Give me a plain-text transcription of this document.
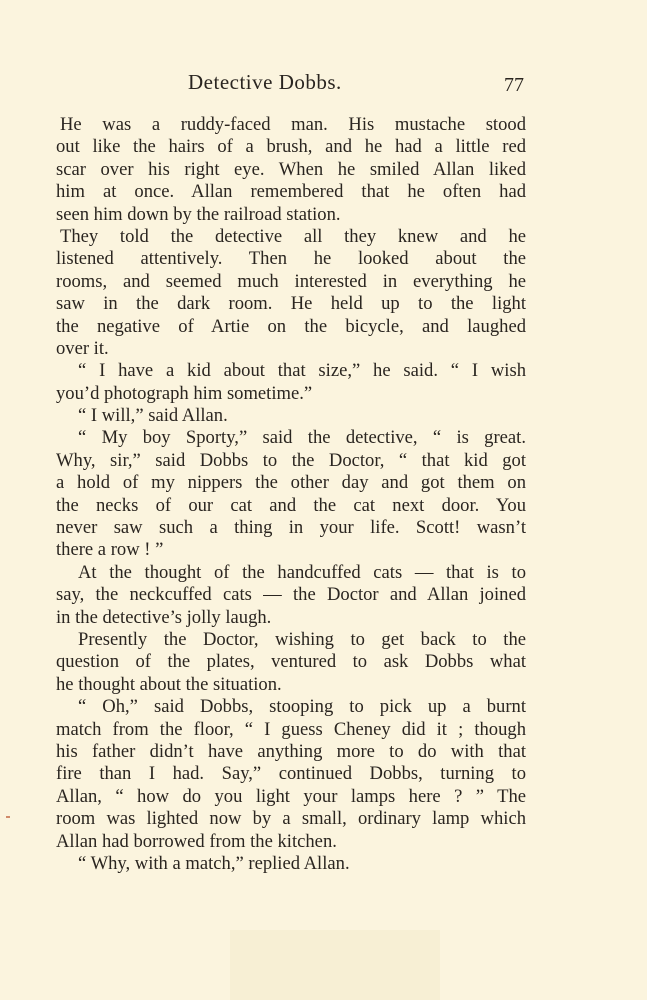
Detective Dobbs.	77
He was a ruddy-faced man. His mustache stood
out like the hairs of a brush, and he had a little red
scar over his right eye. When he smiled Allan liked
him at once. Allan remembered that he often had
seen him down by the railroad station.
They told the detective all they knew and he
listened attentively. Then he looked about the
rooms, and seemed much interested in everything he
saw in the dark room. He held up to the light
the negative of Artie on the bicycle, and laughed
over it.
“ I have a kid about that size,” he said. “ I wish
you’d photograph him sometime.”
“ I will,” said Allan.
“ My boy Sporty,” said the detective, “ is great.
Why, sir,” said Dobbs to the Doctor, “ that kid got
a hold of my nippers the other day and got them on
the necks of our cat and the cat next door. You
never saw such a thing in your life. Scott! wasn’t
there a row ! ”
At the thought of the handcuffed cats — that is to
say, the neckcuffed cats — the Doctor and Allan joined
in the detective’s jolly laugh.
Presently the Doctor, wishing to get back to the
question of the plates, ventured to ask Dobbs what
he thought about the situation.
“ Oh,” said Dobbs, stooping to pick up a burnt
match from the floor, “ I guess Cheney did it ; though
his father didn’t have anything more to do with that
fire than I had. Say,” continued Dobbs, turning to
Allan, “ how do you light your lamps here ? ” The
room was lighted now by a small, ordinary lamp which
Allan had borrowed from the kitchen.
“ Why, with a match,” replied Allan.
